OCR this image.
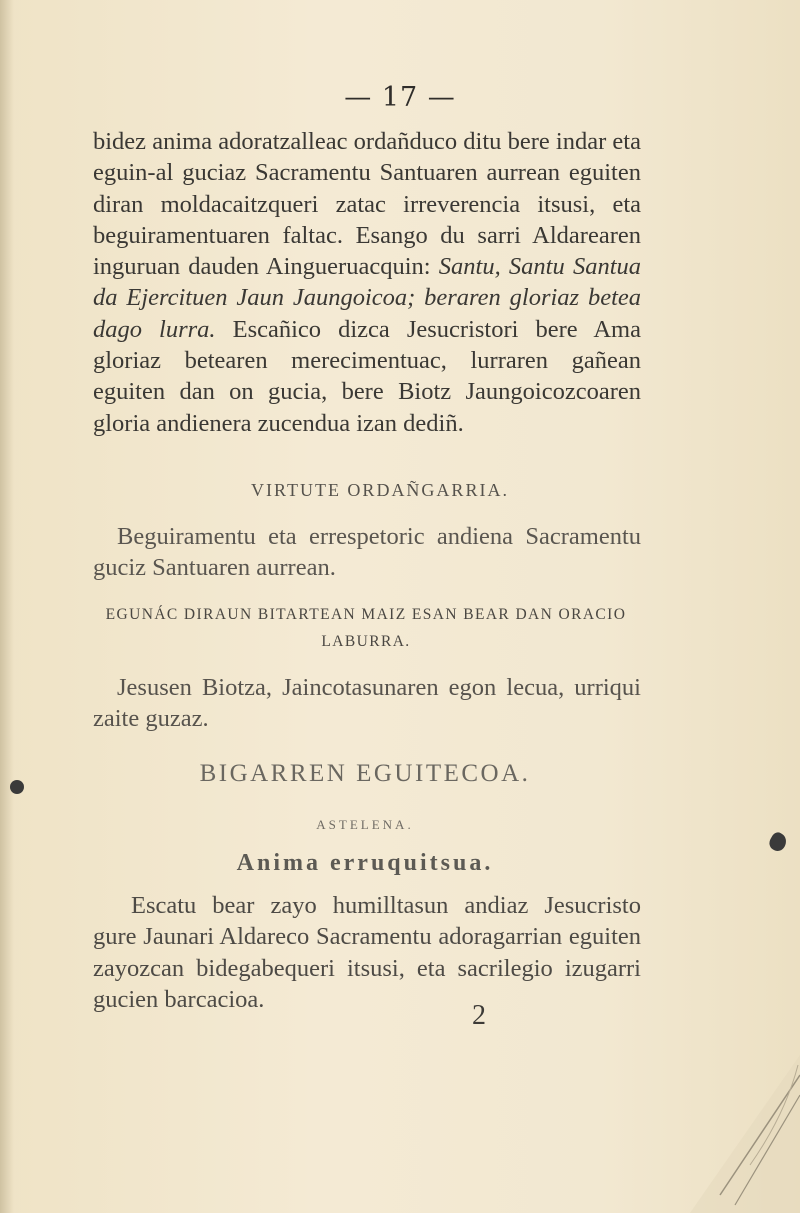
— 17 —
bidez anima adoratzalleac ordañduco ditu bere indar eta eguin-al guciaz Sacramentu Santuaren aurrean eguiten diran moldacaitzqueri zatac irreverencia itsusi, eta beguiramentuaren faltac. Esango du sarri Aldarearen inguruan dauden Aingueruacquin: Santu, Santu Santua da Ejercituen Jaun Jaungoicoa; beraren gloriaz betea dago lurra. Escañico dizca Jesucristori bere Ama gloriaz betearen merecimentuac, lurraren gañean eguiten dan on gucia, bere Biotz Jaungoicozcoaren gloria andienera zucendua izan dediñ.
VIRTUTE ORDAÑGARRIA.
Beguiramentu eta errespetoric andiena Sacramentu guciz Santuaren aurrean.
EGUNÁC DIRAUN BITARTEAN MAIZ ESAN BEAR DAN ORACIO LABURRA.
Jesusen Biotza, Jaincotasunaren egon lecua, urriqui zaite guzaz.
BIGARREN EGUITECOA.
ASTELENA.
Anima erruquitsua.
Escatu bear zayo humilltasun andiaz Jesucristo gure Jaunari Aldareco Sacramentu adoragarrian eguiten zayozcan bidegabequeri itsusi, eta sacrilegio izugarri gucien barcacioa.
2
